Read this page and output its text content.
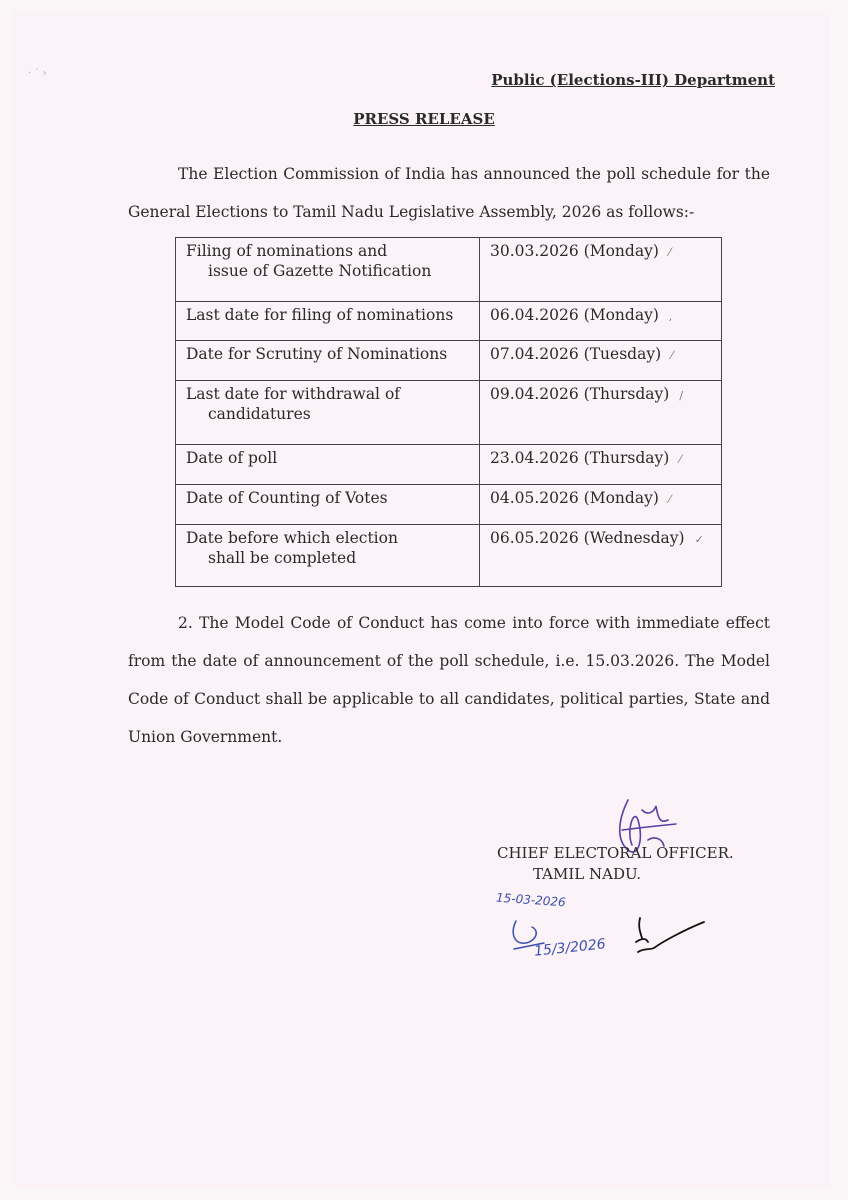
· ˙ ›	Public (Elections-III) Department
PRESS RELEASE
The Election Commission of India has announced the poll schedule for the General Elections to Tamil Nadu Legislative Assembly, 2026 as follows:-
Filing of nominations and
issue of Gazette Notification	30.03.2026 (Monday) ⁄
Last date for filing of nominations	06.04.2026 (Monday) ,
Date for Scrutiny of Nominations	07.04.2026 (Tuesday) ⁄
Last date for withdrawal of
candidatures	09.04.2026 (Thursday) /
Date of poll	23.04.2026 (Thursday) ⁄
Date of Counting of Votes	04.05.2026 (Monday) ⁄
Date before which election
shall be completed	06.05.2026 (Wednesday) ✓
2. The Model Code of Conduct has come into force with immediate effect from the date of announcement of the poll schedule, i.e. 15.03.2026. The Model Code of Conduct shall be applicable to all candidates, political parties, State and Union Government.
CHIEF ELECTORAL OFFICER.
TAMIL NADU.
15-03-2026
15/3/2026
